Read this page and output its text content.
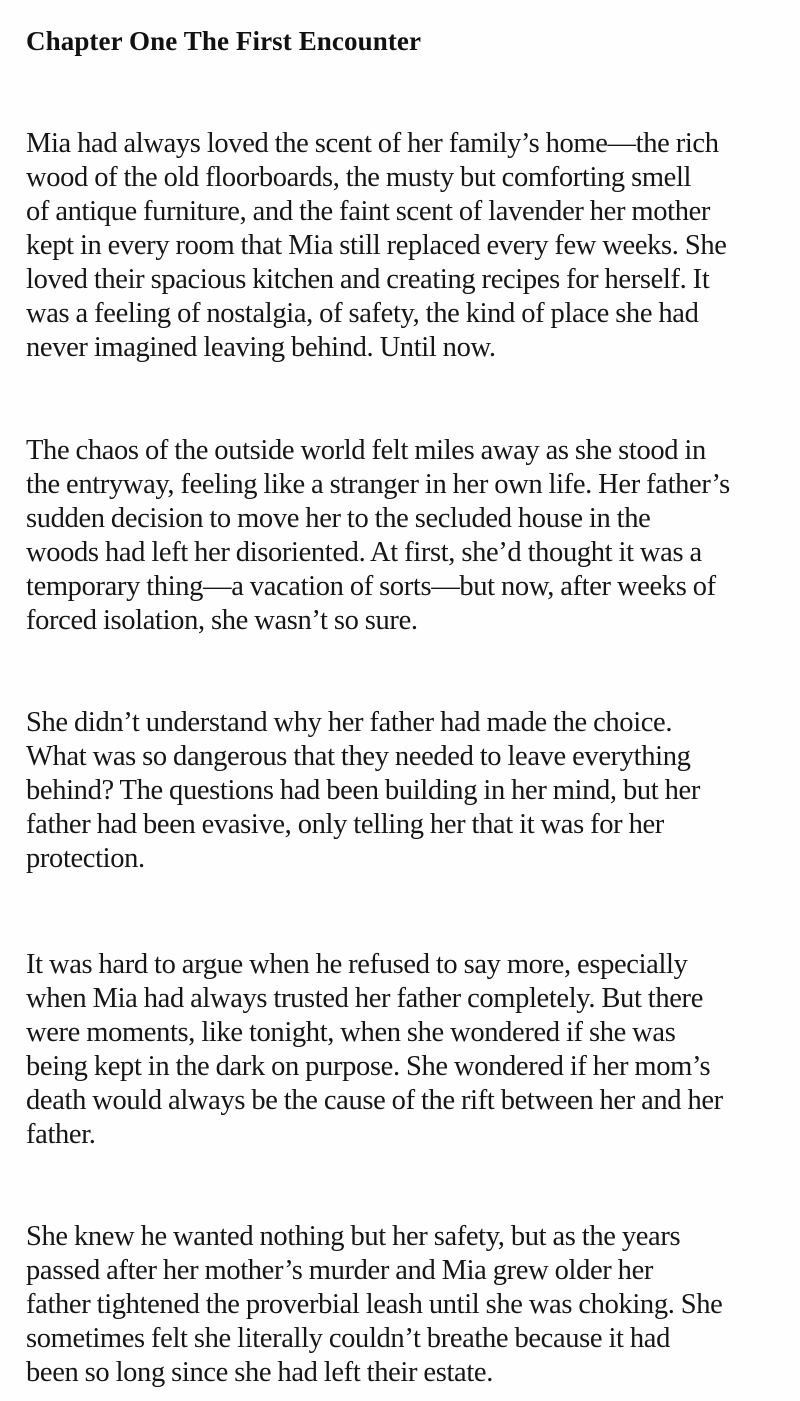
Chapter One The First Encounter

Mia had always loved the scent of her family’s home—the rich
wood of the old floorboards, the musty but comforting smell
of antique furniture, and the faint scent of lavender her mother
kept in every room that Mia still replaced every few weeks. She
loved their spacious kitchen and creating recipes for herself. It
was a feeling of nostalgia, of safety, the kind of place she had
never imagined leaving behind. Until now.

The chaos of the outside world felt miles away as she stood in
the entryway, feeling like a stranger in her own life. Her father’s
sudden decision to move her to the secluded house in the
woods had left her disoriented. At first, she’d thought it was a
temporary thing—a vacation of sorts—but now, after weeks of
forced isolation, she wasn’t so sure.

She didn’t understand why her father had made the choice.
What was so dangerous that they needed to leave everything
behind? The questions had been building in her mind, but her
father had been evasive, only telling her that it was for her
protection.

It was hard to argue when he refused to say more, especially
when Mia had always trusted her father completely. But there
were moments, like tonight, when she wondered if she was
being kept in the dark on purpose. She wondered if her mom’s
death would always be the cause of the rift between her and her
father.

She knew he wanted nothing but her safety, but as the years
passed after her mother’s murder and Mia grew older her
father tightened the proverbial leash until she was choking. She
sometimes felt she literally couldn’t breathe because it had
been so long since she had left their estate.
